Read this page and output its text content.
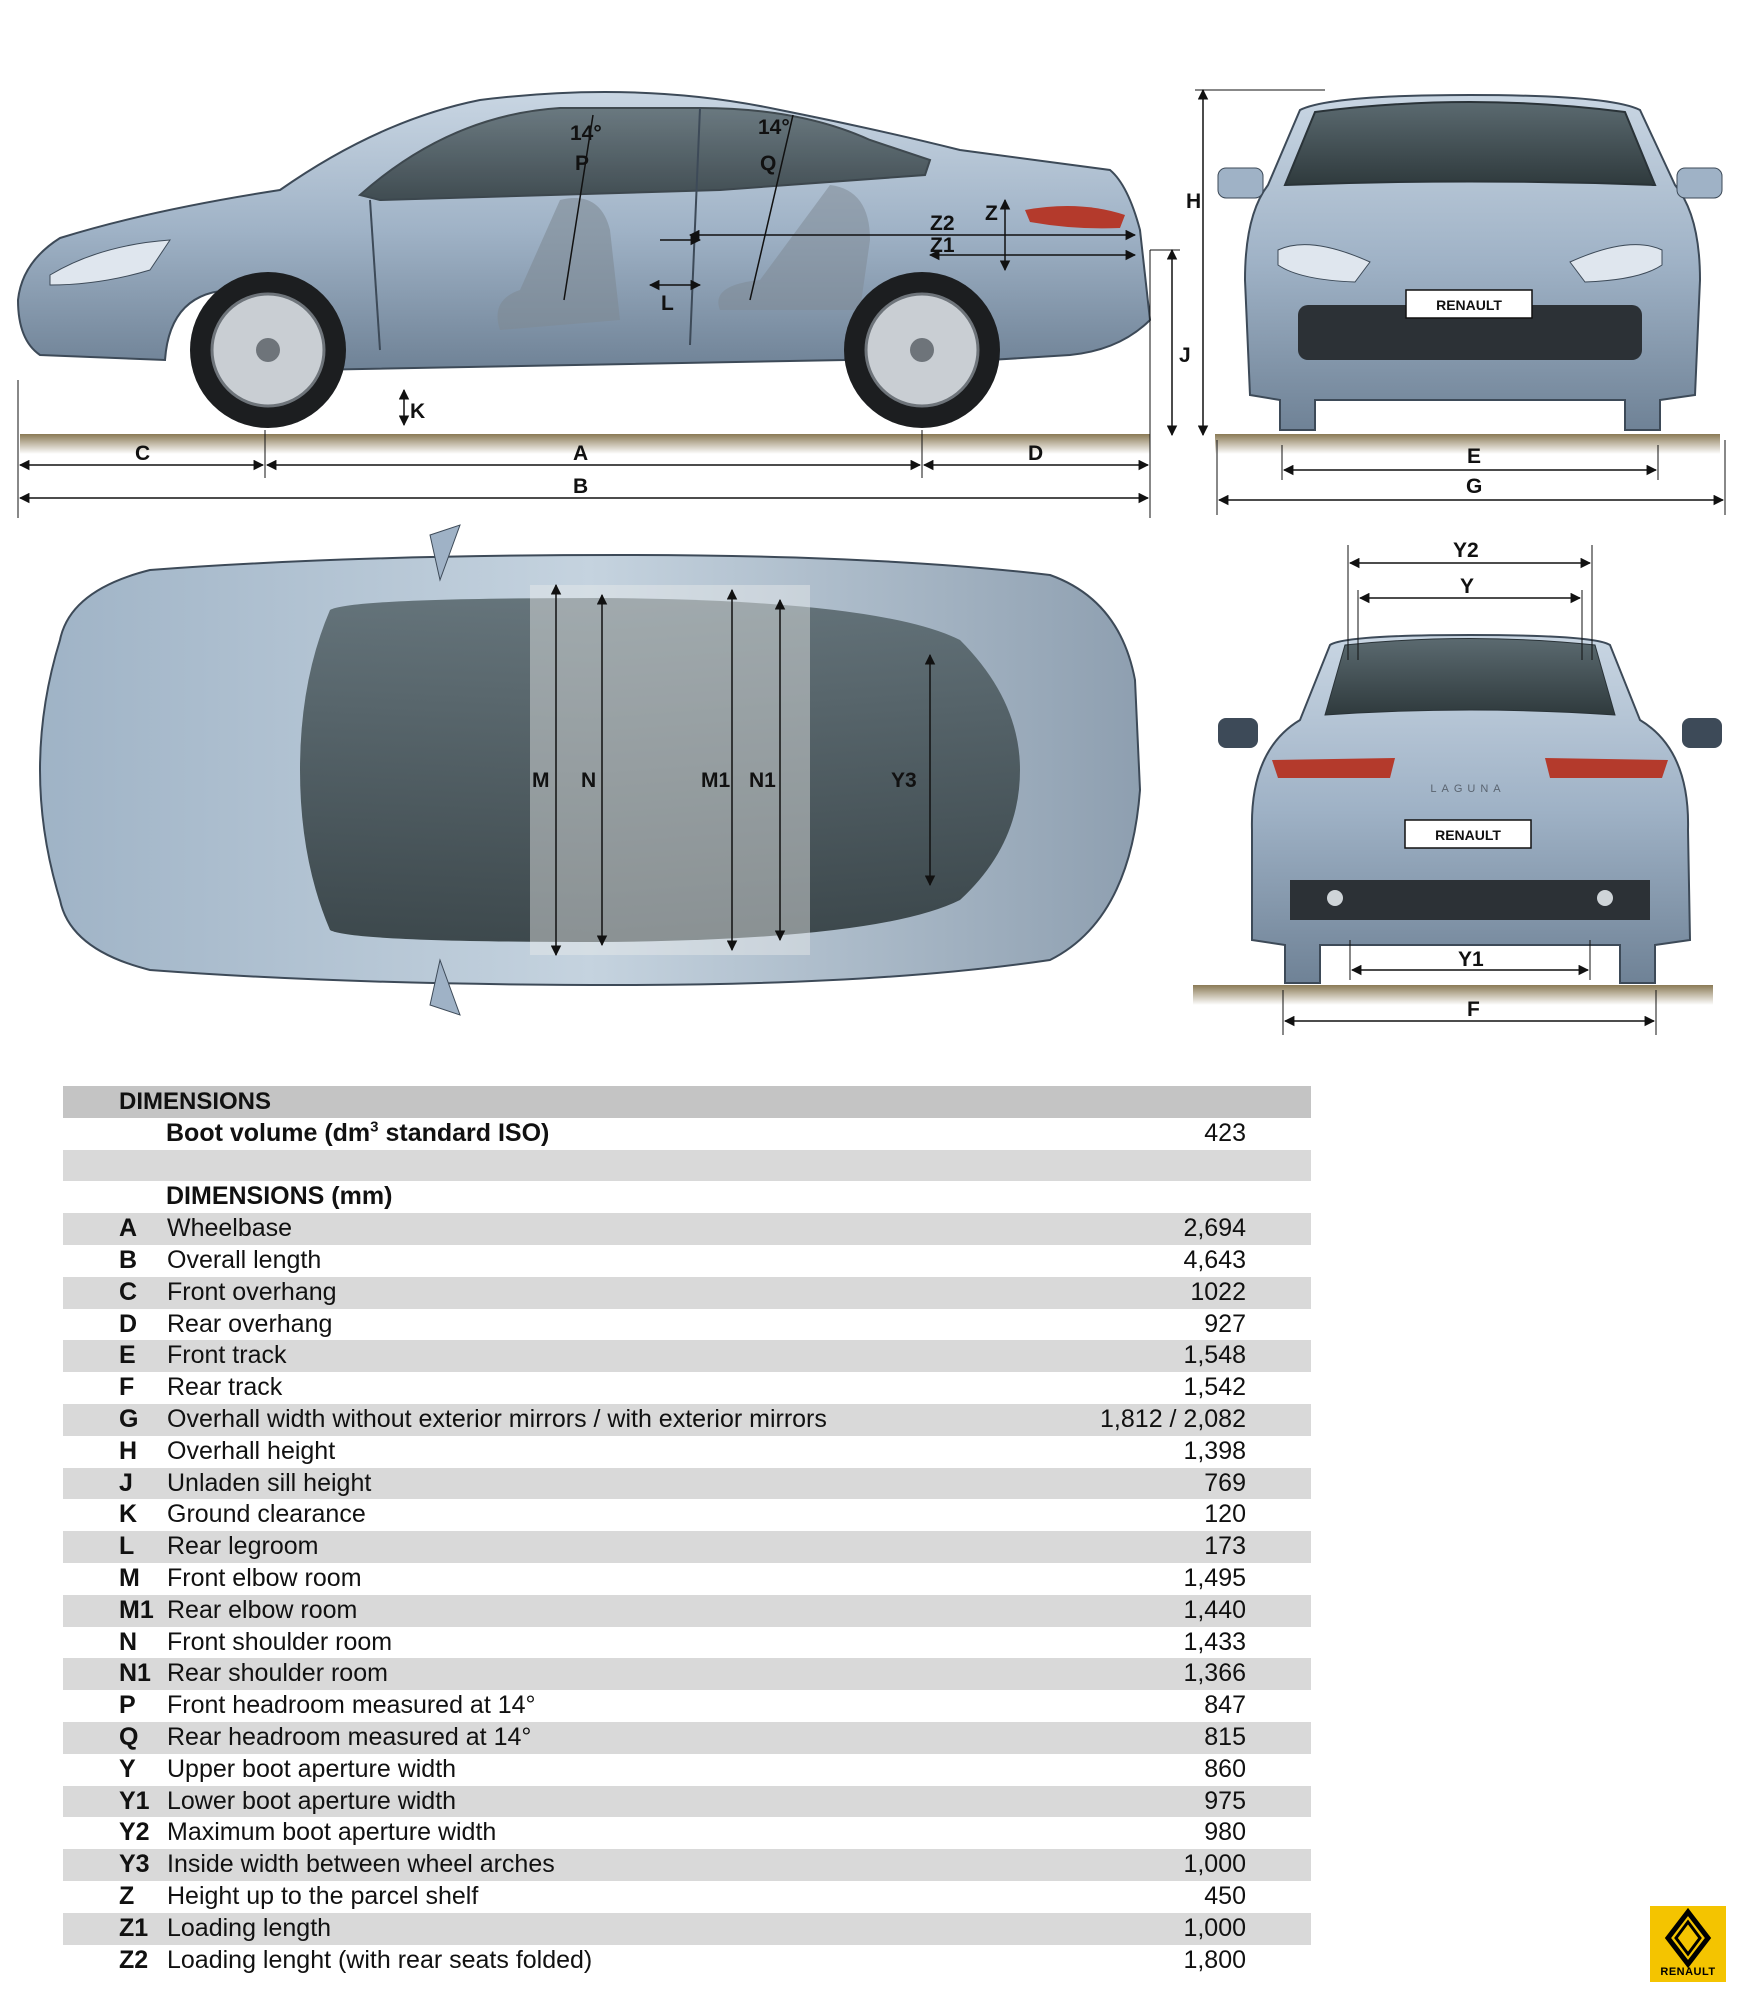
14°
P
14°
Q
Z
Z2
Z1
L
K
C	A	D
B
J
H
RENAULT
E
G
M N	M1 N1	Y3
RENAULT
LAGUNA
Y2
Y
Y1
F
DIMENSIONS
Boot volume ($dm^3$ standard ISO)	423
DIMENSIONS (mm)
A Wheelbase	2,694
B Overall length	4,643
C Front overhang	1022
D Rear overhang	927
E Front track	1,548
F Rear track	1,542
G Overhall width without exterior mirrors / with exterior mirrors	1,812 / 2,082
H Overhall height	1,398
J Unladen sill height	769
K Ground clearance	120
L Rear legroom	173
M Front elbow room	1,495
M1 Rear elbow room	1,440
N Front shoulder room	1,433
N1 Rear shoulder room	1,366
P Front headroom measured at 14°	847
Q Rear headroom measured at 14°	815
Y Upper boot aperture width	860
Y1 Lower boot aperture width	975
Y2 Maximum boot aperture width	980
Y3 Inside width between wheel arches	1,000
Z Height up to the parcel shelf	450
Z1 Loading length	1,000
Z2 Loading lenght (with rear seats folded)	1,800	RENAULT
